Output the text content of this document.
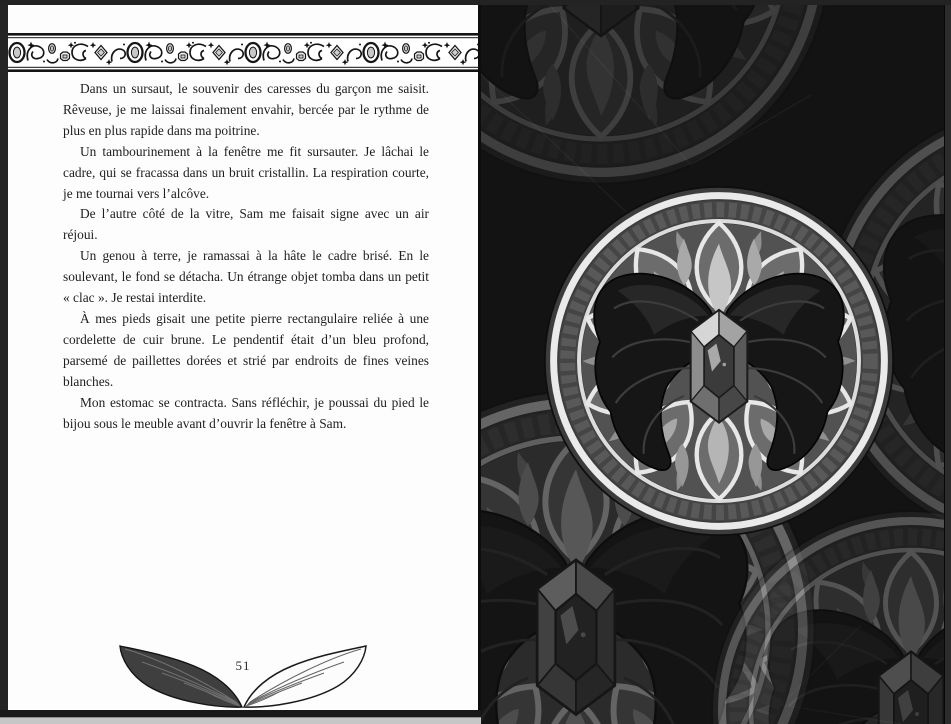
Dans un sursaut, le souvenir des caresses du garçon me saisit. Rêveuse, je me laissai finalement envahir, bercée par le rythme de plus en plus rapide dans ma poitrine.

Un tambourinement à la fenêtre me fit sursauter. Je lâchai le cadre, qui se fracassa dans un bruit cristallin. La respiration courte, je me tournai vers l’alcôve.

De l’autre côté de la vitre, Sam me faisait signe avec un air réjoui.

Un genou à terre, je ramassai à la hâte le cadre brisé. En le soulevant, le fond se détacha. Un étrange objet tomba dans un petit « clac ». Je restai interdite.

À mes pieds gisait une petite pierre rectangulaire reliée à une cordelette de cuir brune. Le pendentif était d’un bleu profond, parsemé de paillettes dorées et strié par endroits de fines veines blanches.

Mon estomac se contracta. Sans réfléchir, je poussai du pied le bijou sous le meuble avant d’ouvrir la fenêtre à Sam.

51
